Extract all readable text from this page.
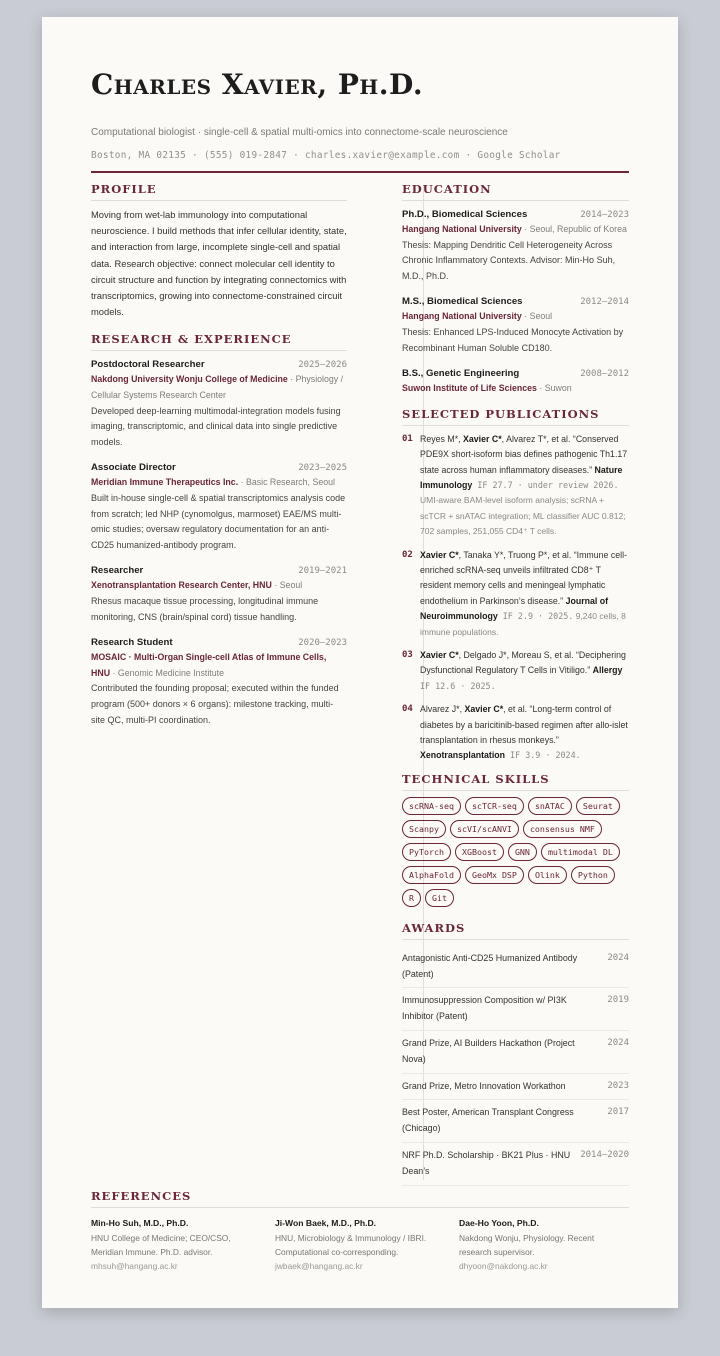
Charles Xavier, Ph.D.
Computational biologist · single-cell & spatial multi-omics into connectome-scale neuroscience
Boston, MA 02135 · (555) 019-2847 · charles.xavier@example.com · Google Scholar
PROFILE

Moving from wet-lab immunology into computational neuroscience. I build methods that infer cellular identity, state, and interaction from large, incomplete single-cell and spatial data. Research objective: connect molecular cell identity to circuit structure and function by integrating connectomics with transcriptomics, growing into connectome-constrained circuit models.

RESEARCH & EXPERIENCE
Postdoctoral Researcher	2025–2026
Nakdong University Wonju College of Medicine · Physiology / Cellular Systems Research Center
Developed deep-learning multimodal-integration models fusing imaging, transcriptomic, and clinical data into single predictive models.
Associate Director	2023–2025
Meridian Immune Therapeutics Inc. · Basic Research, Seoul
Built in-house single-cell & spatial transcriptomics analysis code from scratch; led NHP (cynomolgus, marmoset) EAE/MS multi-omic studies; oversaw regulatory documentation for an anti-CD25 humanized-antibody program.
Researcher	2019–2021
Xenotransplantation Research Center, HNU · Seoul
Rhesus macaque tissue processing, longitudinal immune monitoring, CNS (brain/spinal cord) tissue handling.
Research Student	2020–2023
MOSAIC · Multi-Organ Single-cell Atlas of Immune Cells, HNU · Genomic Medicine Institute
Contributed the founding proposal; executed within the funded program (500+ donors × 6 organs): milestone tracking, multi-site QC, multi-PI coordination.
EDUCATION
Ph.D., Biomedical Sciences	2014–2023
Hangang National University · Seoul, Republic of Korea
Thesis: Mapping Dendritic Cell Heterogeneity Across Chronic Inflammatory Contexts. Advisor: Min-Ho Suh, M.D., Ph.D.
M.S., Biomedical Sciences	2012–2014
Hangang National University · Seoul
Thesis: Enhanced LPS-Induced Monocyte Activation by Recombinant Human Soluble CD180.
B.S., Genetic Engineering	2008–2012
Suwon Institute of Life Sciences · Suwon
SELECTED PUBLICATIONS
01 Reyes M*, Xavier C*, Alvarez T*, et al. “Conserved PDE9X short-isoform bias defines pathogenic Th1.17 state across human inflammatory diseases.” Nature Immunology IF 27.7 · under review 2026. UMI-aware BAM-level isoform analysis; scRNA + scTCR + snATAC integration; ML classifier AUC 0.812; 702 samples, 251,055 CD4⁺ T cells.
02 Xavier C*, Tanaka Y*, Truong P*, et al. “Immune cell-enriched scRNA-seq unveils infiltrated CD8⁺ T resident memory cells and meningeal lymphatic endothelium in Parkinson’s disease.” Journal of Neuroimmunology IF 2.9 · 2025. 9,240 cells, 8 immune populations.
03 Xavier C*, Delgado J*, Moreau S, et al. “Deciphering Dysfunctional Regulatory T Cells in Vitiligo.” Allergy IF 12.6 · 2025.
04 Alvarez J*, Xavier C*, et al. “Long-term control of diabetes by a baricitinib-based regimen after allo-islet transplantation in rhesus monkeys.” Xenotransplantation IF 3.9 · 2024.
TECHNICAL SKILLS
scRNA-seq	scTCR-seq	snATAC	Seurat
Scanpy	scVI/scANVI	consensus NMF
PyTorch	XGBoost	GNN	multimodal DL
AlphaFold	GeoMx DSP	Olink	Python
R	Git
AWARDS
Antagonistic Anti-CD25 Humanized Antibody (Patent)
2024
Immunosuppression Composition w/ PI3K Inhibitor (Patent)
2019
Grand Prize, AI Builders Hackathon (Project Nova)
2024
Grand Prize, Metro Innovation Workathon	2023
Best Poster, American Transplant Congress (Chicago)
2017
NRF Ph.D. Scholarship · BK21 Plus · HNU Dean’s
2014–2020
REFERENCES
Min-Ho Suh, M.D., Ph.D.
HNU College of Medicine; CEO/CSO, Meridian Immune. Ph.D. advisor.
mhsuh@hangang.ac.kr
Ji-Won Baek, M.D., Ph.D.
HNU, Microbiology & Immunology / IBRI. Computational co-corresponding.
jwbaek@hangang.ac.kr
Dae-Ho Yoon, Ph.D.
Nakdong Wonju, Physiology. Recent research supervisor.
dhyoon@nakdong.ac.kr
